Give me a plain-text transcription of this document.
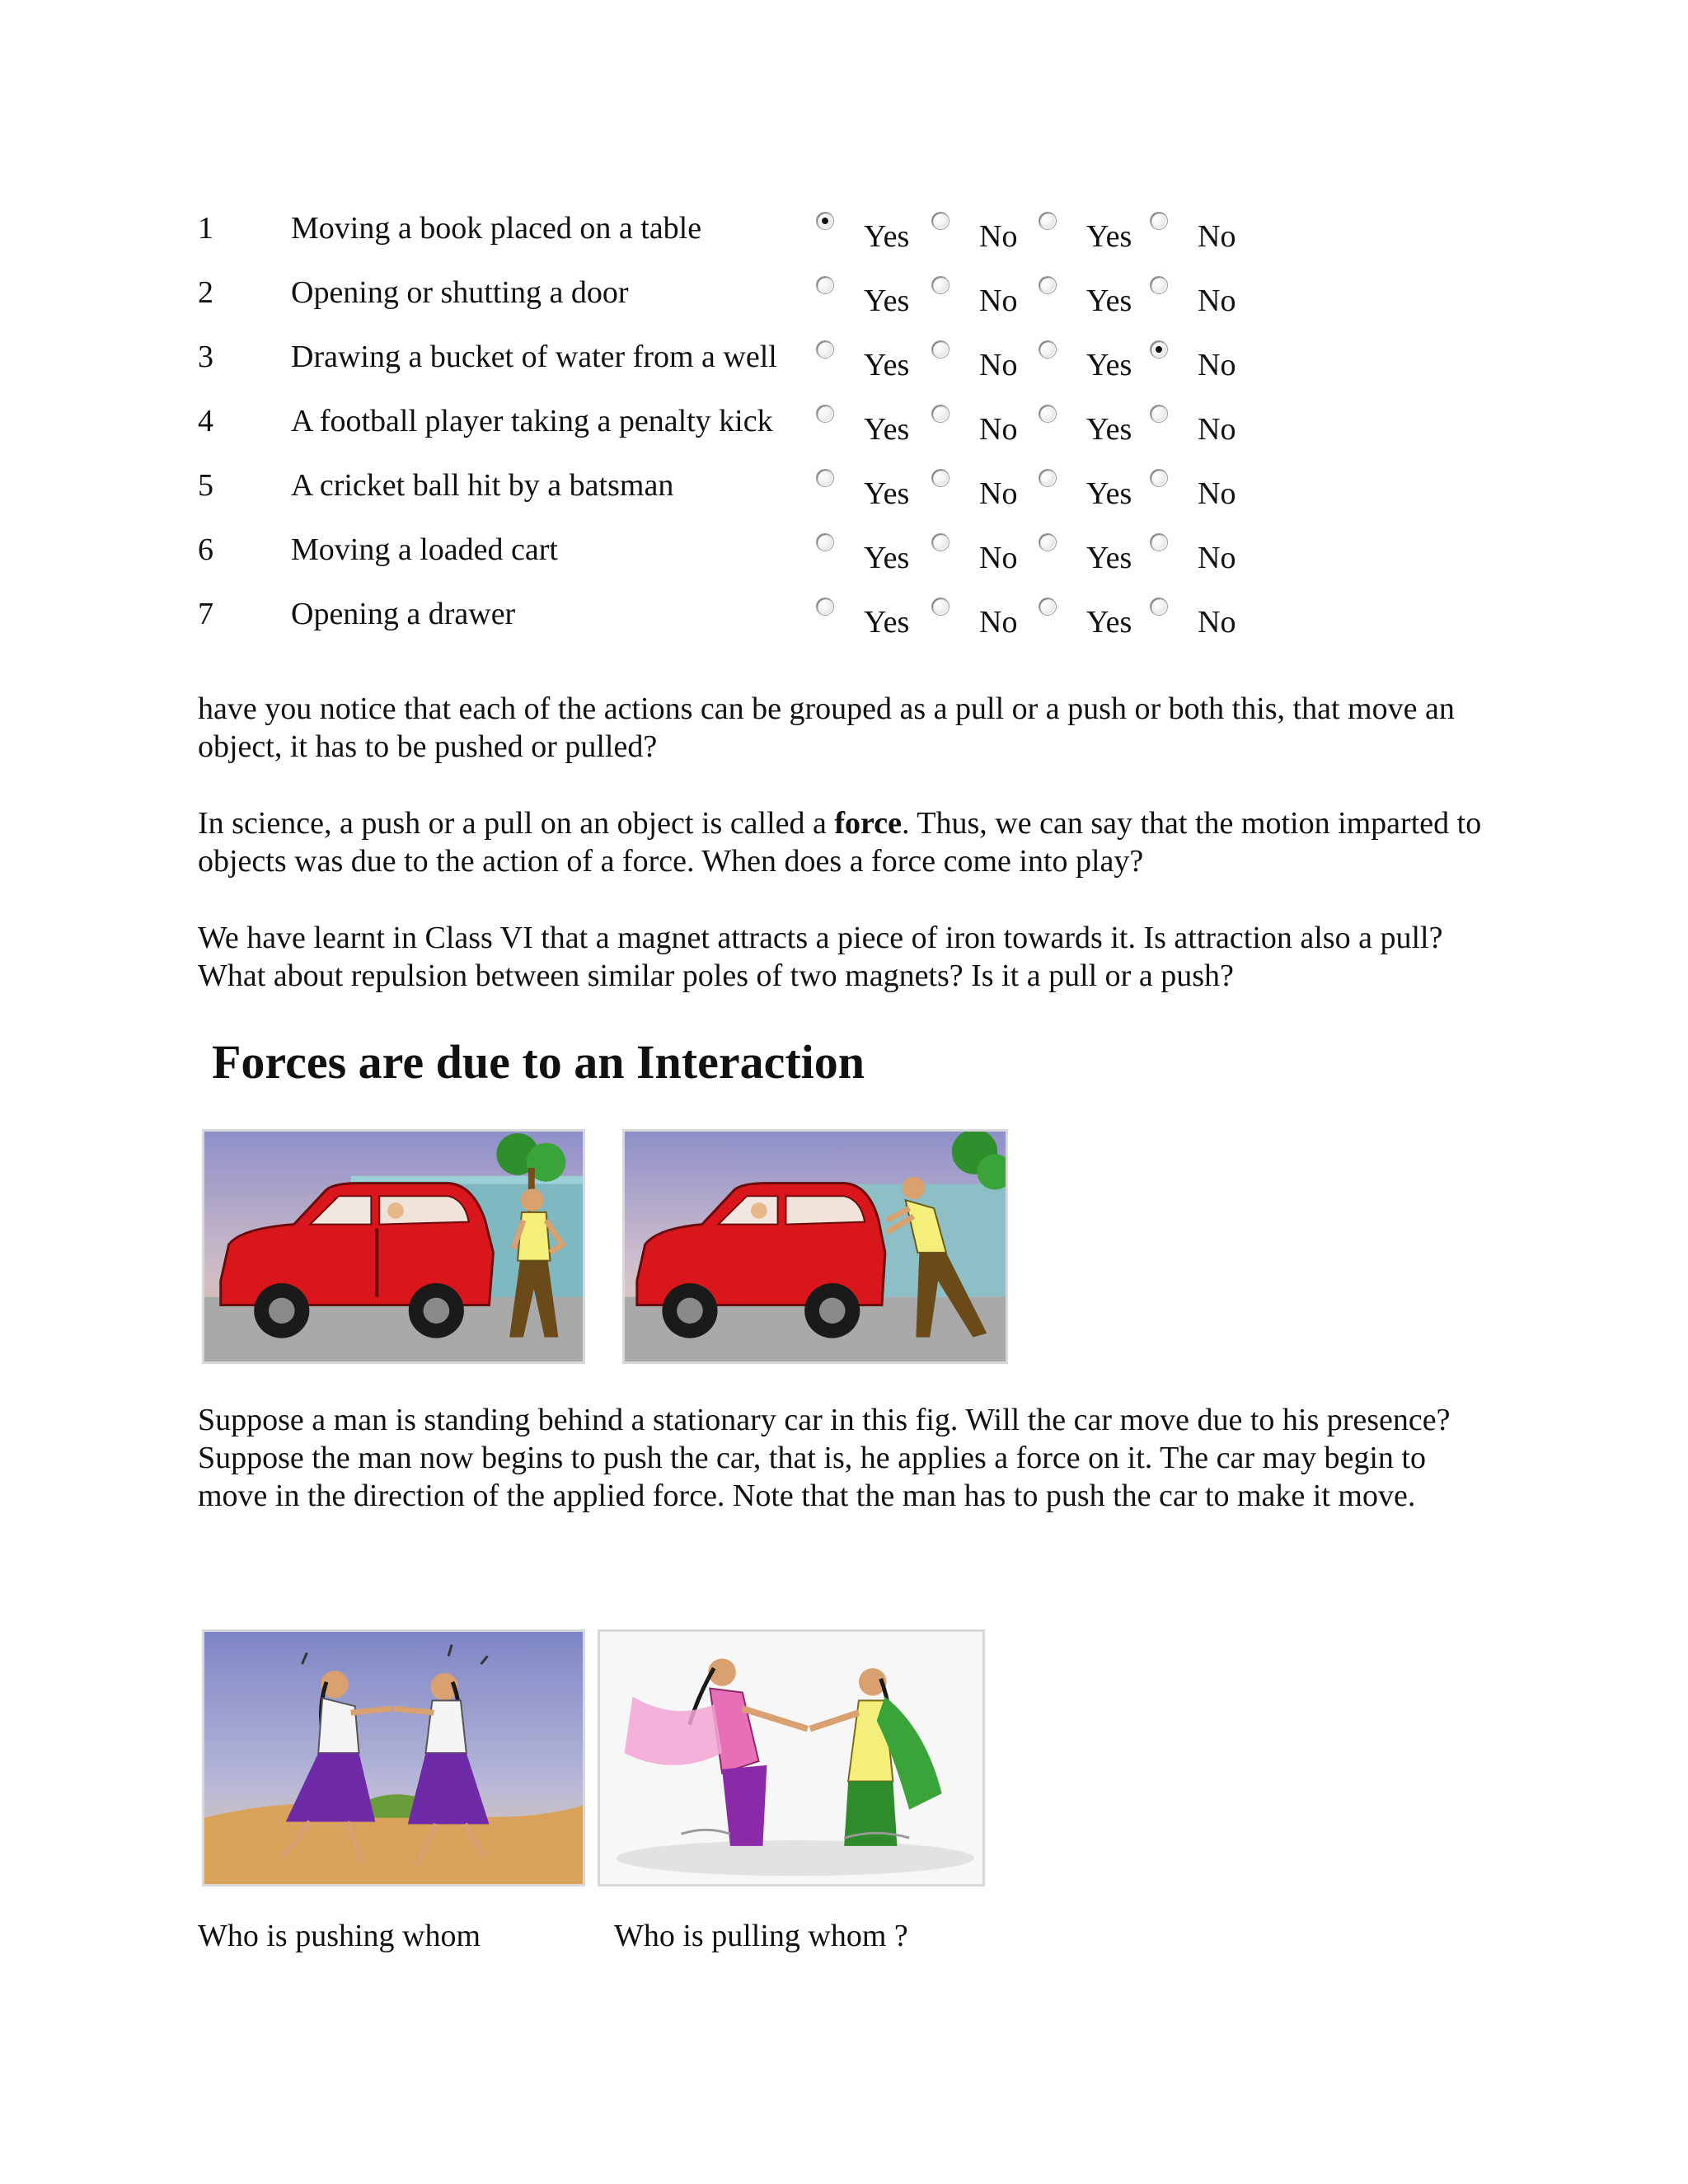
1 Moving a book placed on a table	Yes No Yes No
2 Opening or shutting a door	Yes No Yes No
3 Drawing a bucket of water from a well	Yes No Yes No
4 A football player taking a penalty kick	Yes No Yes No
5 A cricket ball hit by a batsman	Yes No Yes No
6 Moving a loaded cart	Yes No Yes No
7 Opening a drawer	Yes No Yes No

have you notice that each of the actions can be grouped as a pull or a push or both this, that move an object, it has to be pushed or pulled?

In science, a push or a pull on an object is called a force. Thus, we can say that the motion imparted to objects was due to the action of a force. When does a force come into play?

We have learnt in Class VI that a magnet attracts a piece of iron towards it. Is attraction also a pull? What about repulsion between similar poles of two magnets? Is it a pull or a push?

Forces are due to an Interaction

Suppose a man is standing behind a stationary car in this fig. Will the car move due to his presence? Suppose the man now begins to push the car, that is, he applies a force on it. The car may begin to move in the direction of the applied force. Note that the man has to push the car to make it move.

Who is pushing whom	Who is pulling whom ?
